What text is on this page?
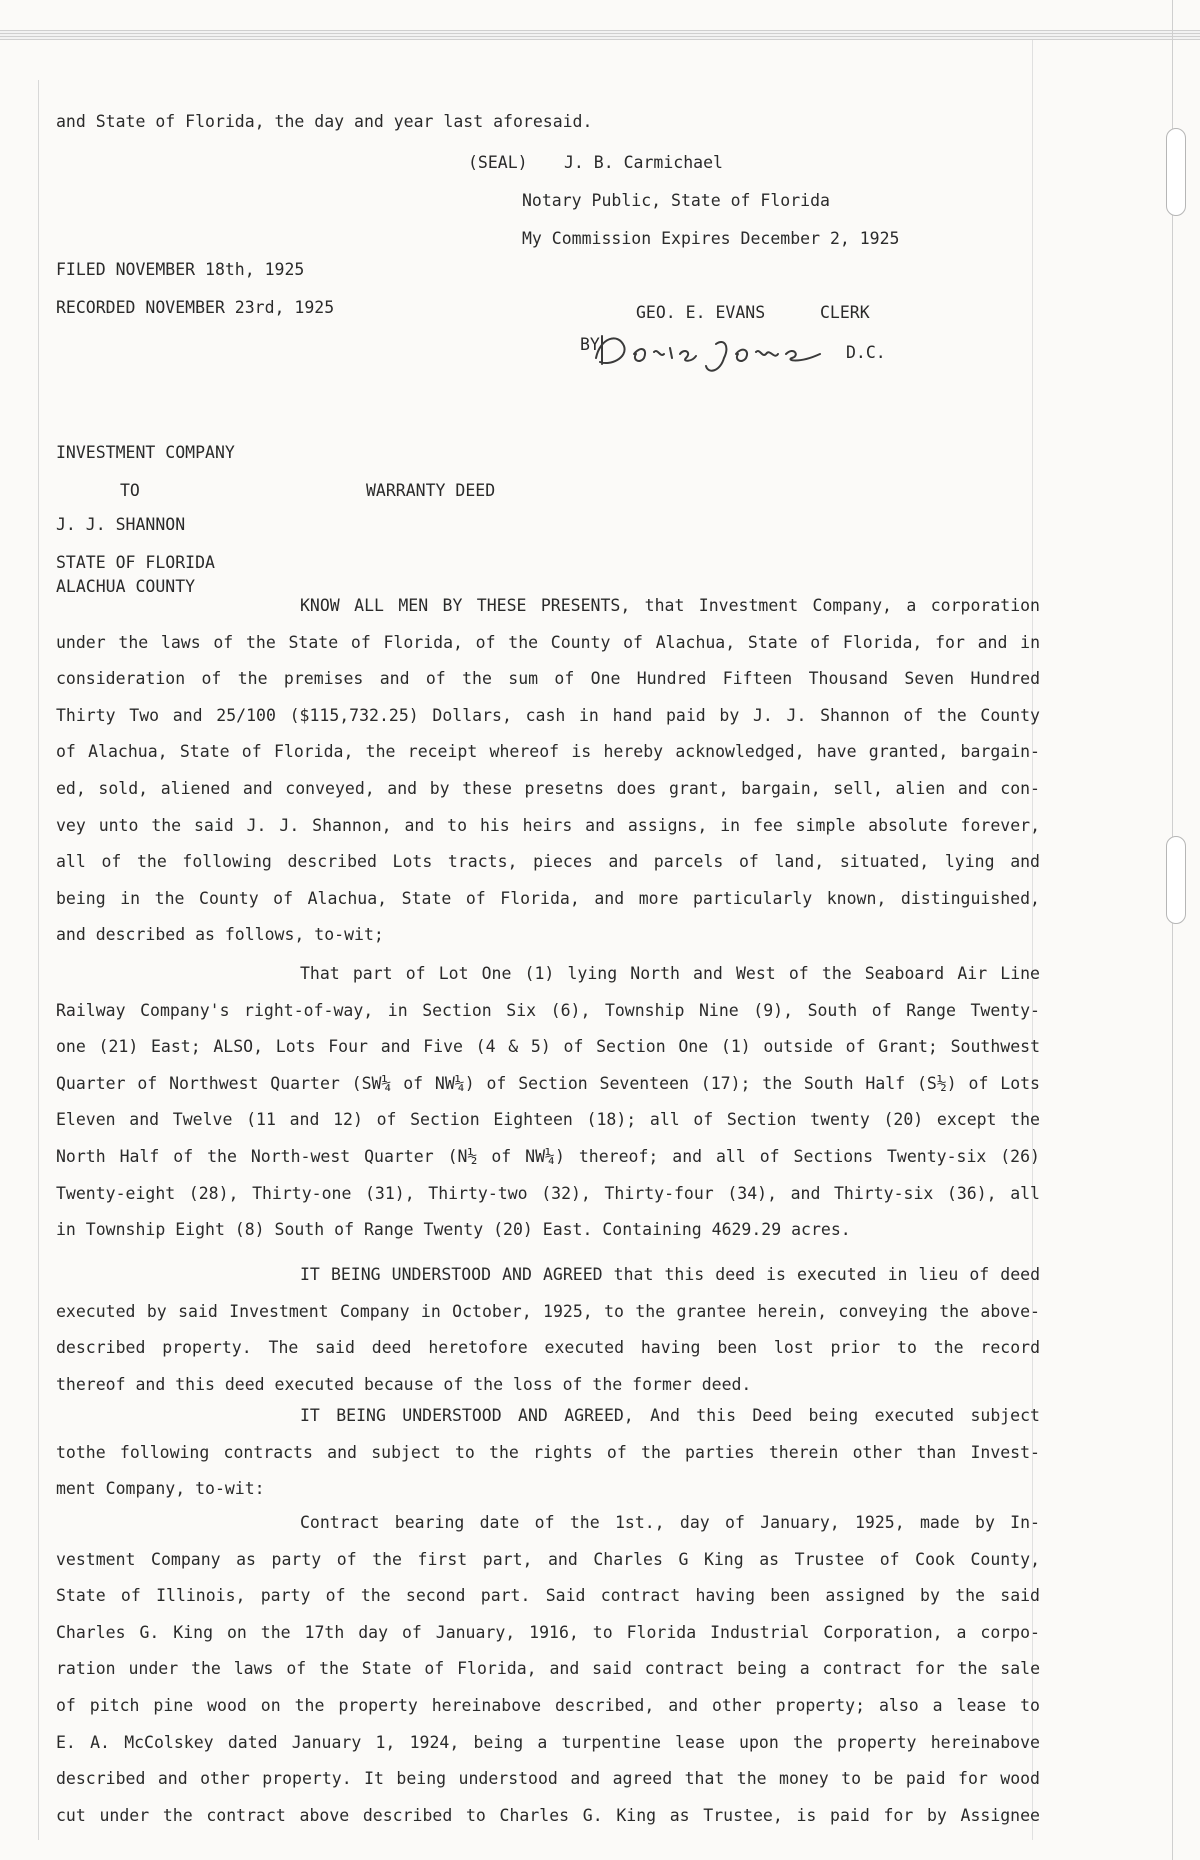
and State of Florida, the day and year last aforesaid.
(SEAL) J. B. Carmichael
Notary Public, State of Florida
My Commission Expires December 2, 1925
FILED NOVEMBER 18th, 1925
RECORDED NOVEMBER 23rd, 1925	GEO. E. EVANS	CLERK
BY
Doris Jones
D.C.
INVESTMENT COMPANY
TO	WARRANTY DEED
J. J. SHANNON
STATE OF FLORIDA
ALACHUA COUNTY
KNOW ALL MEN BY THESE PRESENTS, that Investment Company, a corporation
under the laws of the State of Florida, of the County of Alachua, State of Florida, for and in
consideration of the premises and of the sum of One Hundred Fifteen Thousand Seven Hundred
Thirty Two and 25/100 ($115,732.25) Dollars, cash in hand paid by J. J. Shannon of the County
of Alachua, State of Florida, the receipt whereof is hereby acknowledged, have granted, bargain-
ed, sold, aliened and conveyed, and by these presetns does grant, bargain, sell, alien and con-
vey unto the said J. J. Shannon, and to his heirs and assigns, in fee simple absolute forever,
all of the following described Lots tracts, pieces and parcels of land, situated, lying and
being in the County of Alachua, State of Florida, and more particularly known, distinguished,
and described as follows, to-wit;
That part of Lot One (1) lying North and West of the Seaboard Air Line
Railway Company's right-of-way, in Section Six (6), Township Nine (9), South of Range Twenty-
one (21) East; ALSO, Lots Four and Five (4 & 5) of Section One (1) outside of Grant; Southwest
Quarter of Northwest Quarter (SW¼ of NW¼) of Section Seventeen (17); the South Half (S½) of Lots
Eleven and Twelve (11 and 12) of Section Eighteen (18); all of Section twenty (20) except the
North Half of the North-west Quarter (N½ of NW¼) thereof; and all of Sections Twenty-six (26)
Twenty-eight (28), Thirty-one (31), Thirty-two (32), Thirty-four (34), and Thirty-six (36), all
in Township Eight (8) South of Range Twenty (20) East. Containing 4629.29 acres.
IT BEING UNDERSTOOD AND AGREED that this deed is executed in lieu of deed
executed by said Investment Company in October, 1925, to the grantee herein, conveying the above-
described property. The said deed heretofore executed having been lost prior to the record
thereof and this deed executed because of the loss of the former deed.
IT BEING UNDERSTOOD AND AGREED, And this Deed being executed subject
tothe following contracts and subject to the rights of the parties therein other than Invest-
ment Company, to-wit:
Contract bearing date of the 1st., day of January, 1925, made by In-
vestment Company as party of the first part, and Charles G King as Trustee of Cook County,
State of Illinois, party of the second part. Said contract having been assigned by the said
Charles G. King on the 17th day of January, 1916, to Florida Industrial Corporation, a corpo-
ration under the laws of the State of Florida, and said contract being a contract for the sale
of pitch pine wood on the property hereinabove described, and other property; also a lease to
E. A. McColskey dated January 1, 1924, being a turpentine lease upon the property hereinabove
described and other property. It being understood and agreed that the money to be paid for wood
cut under the contract above described to Charles G. King as Trustee, is paid for by Assignee
